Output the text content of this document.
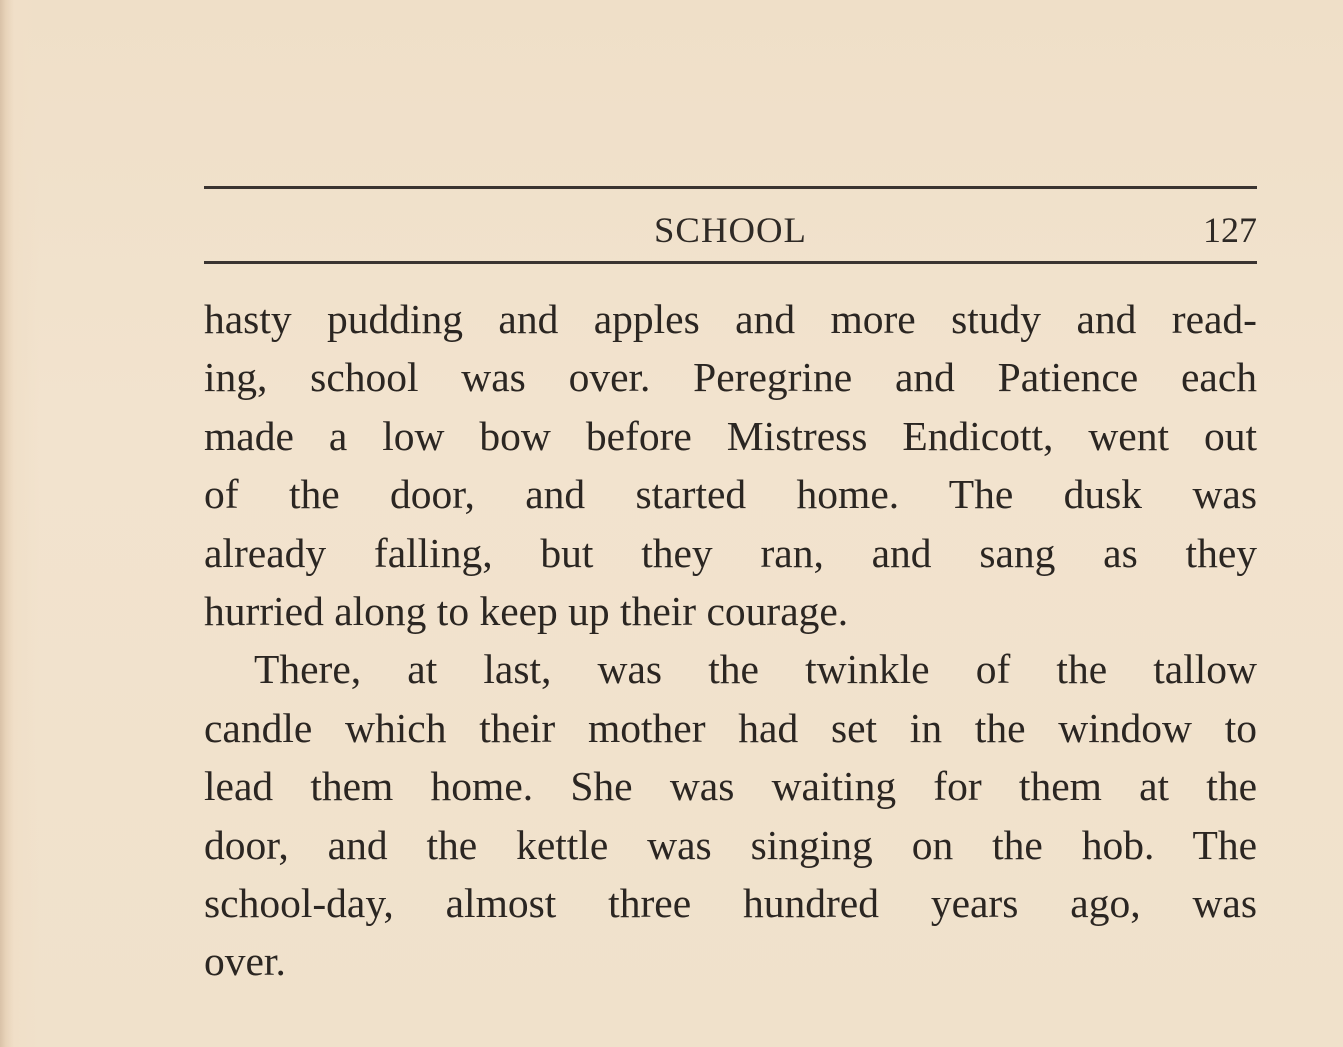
SCHOOL	127
hasty pudding and apples and more study and read-
ing, school was over. Peregrine and Patience each
made a low bow before Mistress Endicott, went out
of the door, and started home. The dusk was
already falling, but they ran, and sang as they
hurried along to keep up their courage.
There, at last, was the twinkle of the tallow
candle which their mother had set in the window to
lead them home. She was waiting for them at the
door, and the kettle was singing on the hob. The
school-day, almost three hundred years ago, was
over.
